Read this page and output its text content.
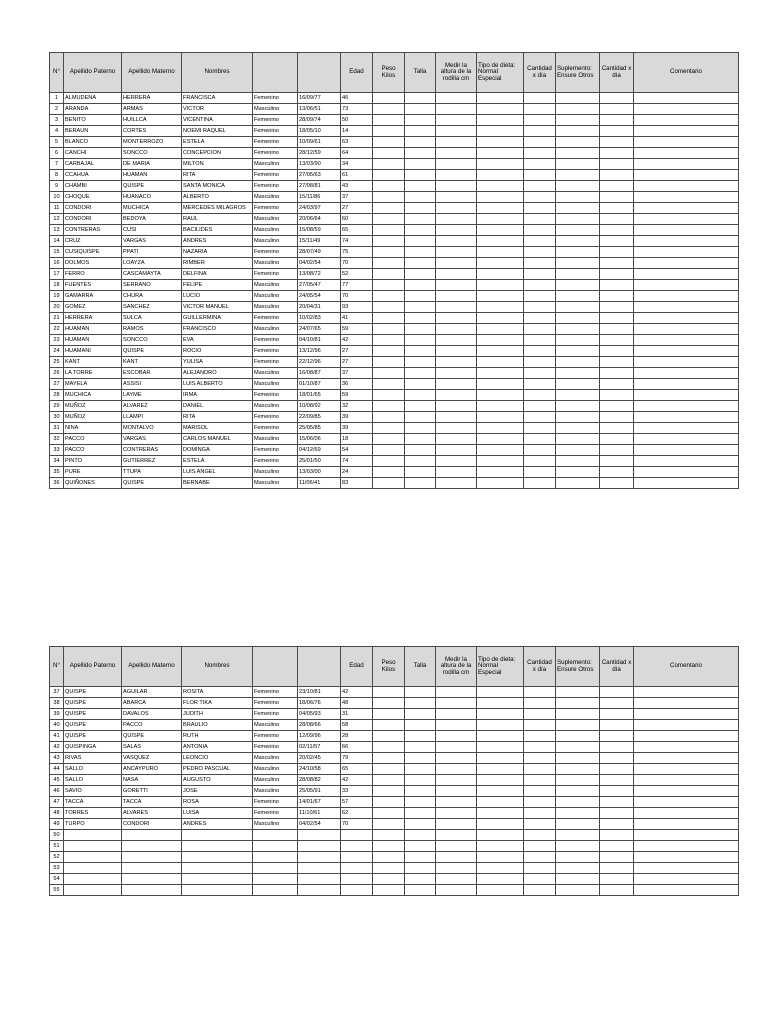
N°	Apellido Paterno	Apellido Materno	Nombres			Edad	Peso Kilos	Talla	Medir la altura de la rodilla cm	Tipo de dieta: Normal Especial	Cantidad x día	Suplemento: Ensure Otros	Cantidad x día	Comentario
1	ALMUDENA	HERRERA	FRANCISCA	Femenino	16/09/77	46								
2	ARANDA	ARMAS	VICTOR	Masculino	13/06/51	73								
3	BENITO	HUILLCA	VICENTINA	Femenino	28/09/74	50								
4	BERAUN	CORTES	NOEMI RAQUEL	Femenino	18/05/10	14								
5	BLANCO	MONTERROZO	ESTELA	Femenino	10/09/61	63								
6	CANCHI	SONCCO	CONCEPCION	Femenino	28/12/59	64								
7	CARBAJAL	DE MARIA	MILTON	Masculino	13/03/90	34								
8	CCAHUA	HUAMAN	RITA	Femenino	27/05/63	61								
9	CHAMBI	QUISPE	SANTA MONICA	Femenino	27/08/81	43								
10	CHOQUE	HUANACO	ALBERTO	Masculino	15/11/86	37								
11	CONDORI	MUCHICA	MERCEDES MILAGROS	Femenino	24/03/97	27								
12	CONDORI	BEDOYA	RAUL	Masculino	20/06/64	60								
13	CONTRERAS	CUSI	BACILIDES	Masculino	15/08/59	65								
14	CRUZ	VARGAS	ANDRES	Masculino	15/11/49	74								
15	CUSIQUISPE	PPATI	NAZARIA	Femenino	28/07/49	75								
16	DOLMOS	LOAYZA	RIMBER	Masculino	04/02/54	70								
17	FERRO	CASCAMAYTA	DELFINA	Femenino	13/08/72	52								
18	FUENTES	SERRANO	FELIPE	Masculino	27/05/47	77								
19	GAMARRA	CHURA	LUCIO	Masculino	24/05/54	70								
20	GOMEZ	SANCHEZ	VICTOR MANUEL	Masculino	20/04/31	93								
21	HERRERA	SULCA	GUILLERMINA	Femenino	10/02/83	41								
22	HUAMAN	RAMOS	FRANCISCO	Masculino	24/07/65	59								
23	HUAMAN	SONCCO	EVA	Femenino	04/10/81	42								
24	HUAMANI	QUISPE	ROCIO	Femenino	13/12/96	27								
25	KANT	KANT	YULISA	Femenino	22/12/96	27								
26	LA TORRE	ESCOBAR	ALEJANDRO	Masculino	16/08/87	37								
27	MAYELA	ASSISI	LUIS ALBERTO	Masculino	01/10/87	36								
28	MUCHICA	LAYME	IRMA	Femenino	18/01/65	59								
29	MUÑOZ	ALVAREZ	DANIEL	Masculino	10/08/92	32								
30	MUÑOZ	LLAMPI	RITA	Femenino	22/09/85	39								
31	NINA	MONTALVO	MARISOL	Femenino	25/05/85	39								
32	PACCO	VARGAS	CARLOS MANUEL	Masculino	15/06/06	18								
33	PACCO	CONTRERAS	DOMINGA	Femenino	04/12/69	54								
34	PINTO	GUTIERREZ	ESTELA	Femenino	25/01/50	74								
35	PURE	TTUPA	LUIS ANGEL	Masculino	13/03/00	24								
36	QUIÑONES	QUISPE	BERNABE	Masculino	11/06/41	83								
N°	Apellido Paterno	Apellido Materno	Nombres			Edad	Peso Kilos	Talla	Medir la altura de la rodilla cm	Tipo de dieta: Normal Especial	Cantidad x día	Suplemento: Ensure Otros	Cantidad x día	Comentario
37	QUISPE	AGUILAR	ROSITA	Femenino	23/10/81	42								
38	QUISPE	ABARCA	FLOR TIKA	Femenino	18/06/76	48								
39	QUISPE	DAVALOS	JUDITH	Femenino	04/05/93	31								
40	QUISPE	PACCO	BRAULIO	Masculino	28/08/66	58								
41	QUISPE	QUISPE	RUTH	Femenino	12/09/96	28								
42	QUISPINGA	SALAS	ANTONIA	Femenino	02/11/57	66								
43	RIVAS	VASQUEZ	LEONCIO	Masculino	20/02/45	79								
44	SALLO	ANCAYPURO	PEDRO PASCUAL	Masculino	24/10/58	65								
45	SALLO	NASA	AUGUSTO	Masculino	28/08/82	42								
46	SAVIO	GORETTI	JOSE	Masculino	25/05/91	33								
47	TACCA	TACCA	ROSA	Femenino	14/01/67	57								
48	TORRES	ALVARES	LUISA	Femenino	11/10/61	62								
49	TURPO	CONDORI	ANDRES	Masculino	04/02/54	70								
50														
51														
52														
53														
54														
55														
